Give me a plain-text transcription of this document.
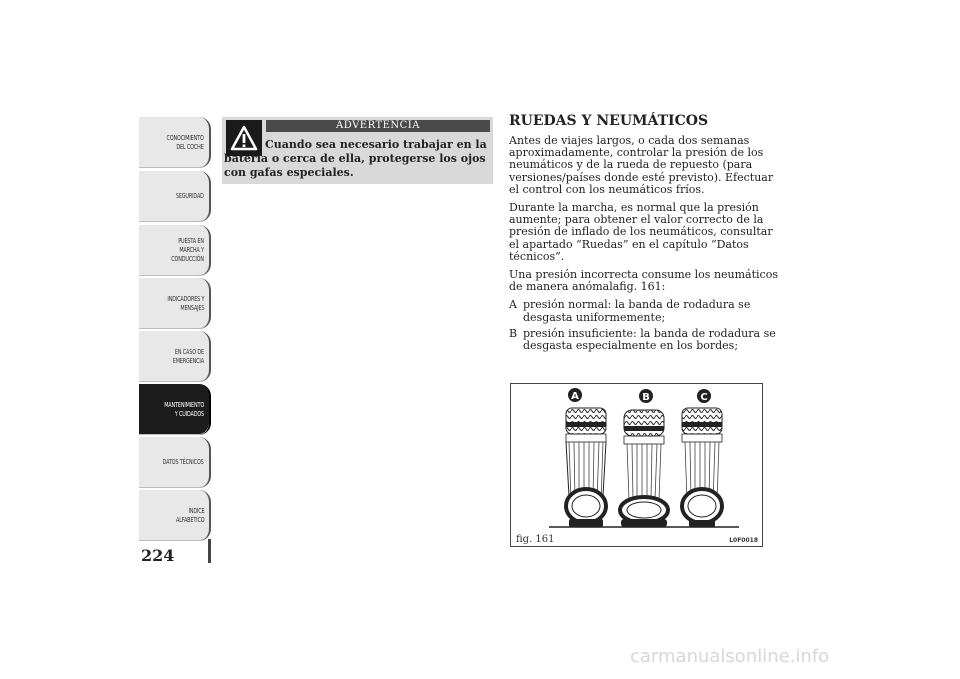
CONOCIMIENTO
DEL COCHE
SEGURIDAD
PUESTA EN
MARCHA Y
CONDUCCIÓN
INDICADORES Y
MENSAJES
EN CASO DE
EMERGENCIA
MANTENIMIENTO
Y CUIDADOS
DATOS TÉCNICOS
ÍNDICE
ALFABÉTICO
224
ADVERTENCIA
Cuando sea necesario trabajar en la batería o cerca de ella, protegerse los ojos con gafas especiales.
RUEDAS Y NEUMÁTICOS

Antes de viajes largos, o cada dos semanas aproximadamente, controlar la presión de los neumáticos y de la rueda de repuesto (para versiones/países donde esté previsto). Efectuar el control con los neumáticos fríos.

Durante la marcha, es normal que la presión aumente; para obtener el valor correcto de la presión de inflado de los neumáticos, consultar el apartado “Ruedas” en el capítulo “Datos técnicos”.

Una presión incorrecta consume los neumáticos de manera anómalafig. 161:

A presión normal: la banda de rodadura se desgasta uniformemente;
B presión insuficiente: la banda de rodadura se desgasta especialmente en los bordes;
A	B	C
fig. 161	L0F0018
carmanualsonline.info
